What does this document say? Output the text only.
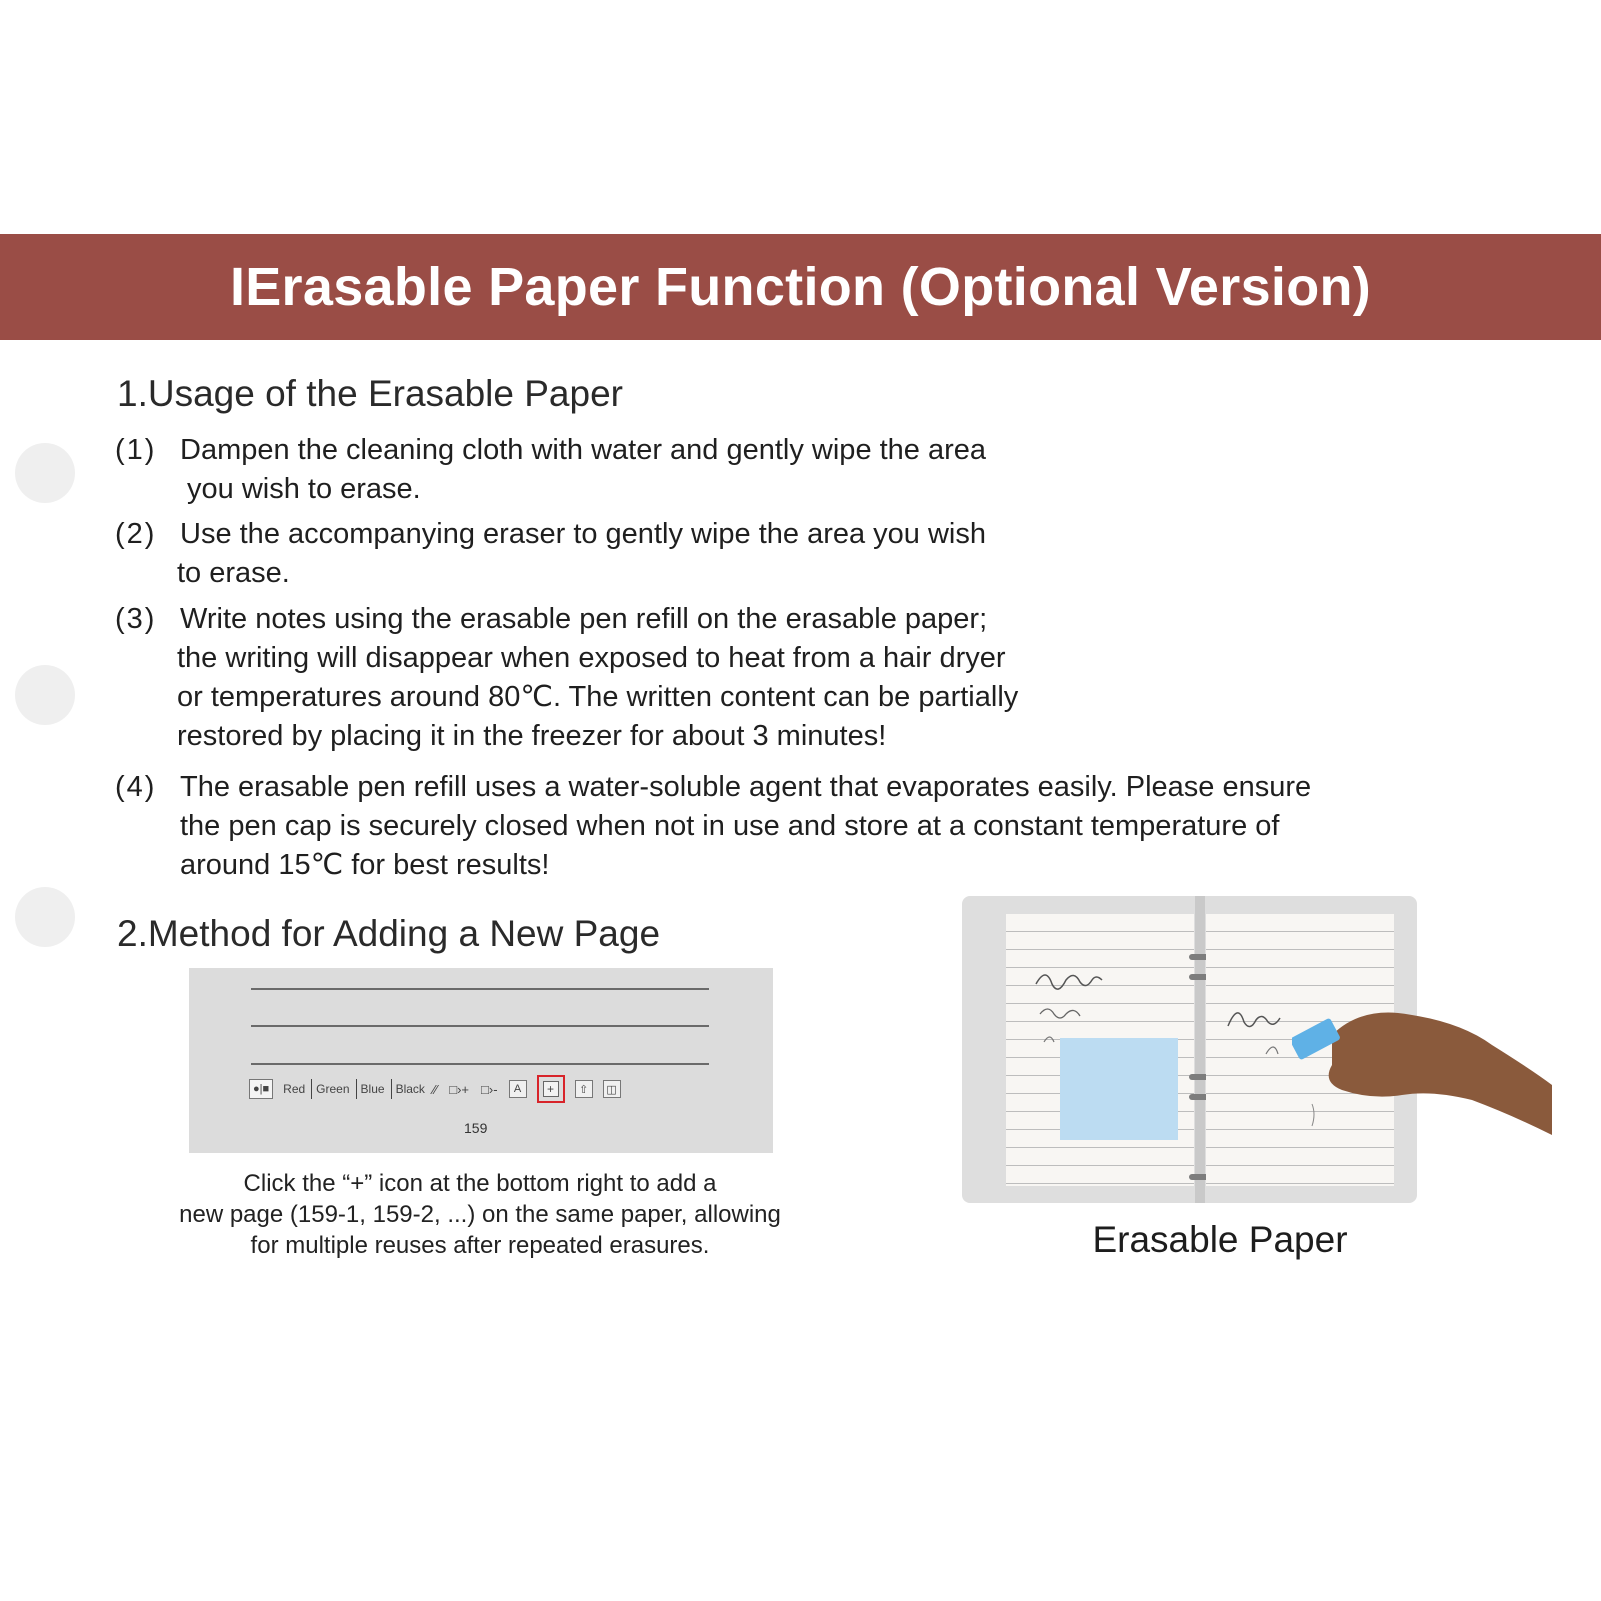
IErasable Paper Function (Optional Version)
1.Usage of the Erasable Paper
(1) Dampen the cleaning cloth with water and gently wipe the area
you wish to erase.
(2) Use the accompanying eraser to gently wipe the area you wish
to erase.
(3) Write notes using the erasable pen refill on the erasable paper;
the writing will disappear when exposed to heat from a hair dryer
or temperatures around 80℃. The written content can be partially
restored by placing it in the freezer for about 3 minutes!
(4) The erasable pen refill uses a water-soluble agent that evaporates easily. Please ensure
the pen cap is securely closed when not in use and store at a constant temperature of
around 15℃ for best results!
2.Method for Adding a New Page
●|■	Red Green Blue Black ⁄⁄ □›+ □›-	A	+	⇧	◫
159
Click the “+” icon at the bottom right to add a
new page (159-1, 159-2, ...) on the same paper, allowing
for multiple reuses after repeated erasures.	Erasable Paper
